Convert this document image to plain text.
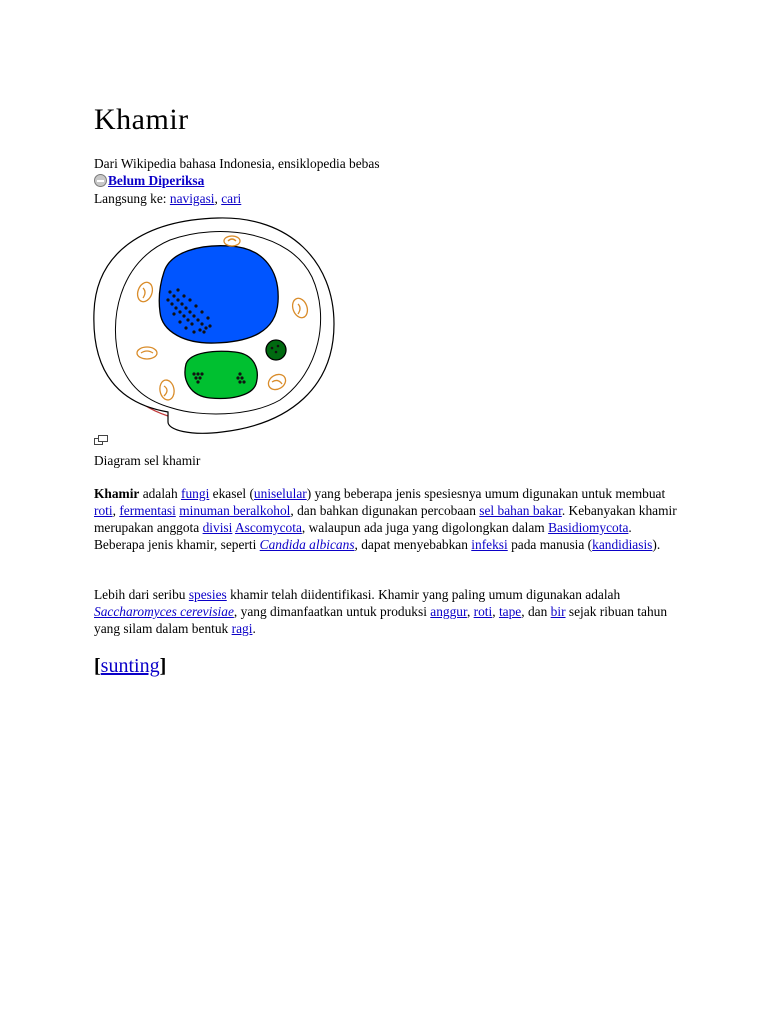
Khamir
Dari Wikipedia bahasa Indonesia, ensiklopedia bebas
Belum Diperiksa
Langsung ke: navigasi, cari
Diagram sel khamir

Khamir adalah fungi ekasel (uniselular) yang beberapa jenis spesiesnya umum digunakan untuk membuat roti, fermentasi minuman beralkohol, dan bahkan digunakan percobaan sel bahan bakar. Kebanyakan khamir merupakan anggota divisi Ascomycota, walaupun ada juga yang digolongkan dalam Basidiomycota. Beberapa jenis khamir, seperti Candida albicans, dapat menyebabkan infeksi pada manusia (kandidiasis).

Lebih dari seribu spesies khamir telah diidentifikasi. Khamir yang paling umum digunakan adalah Saccharomyces cerevisiae, yang dimanfaatkan untuk produksi anggur, roti, tape, dan bir sejak ribuan tahun yang silam dalam bentuk ragi.

[sunting]
